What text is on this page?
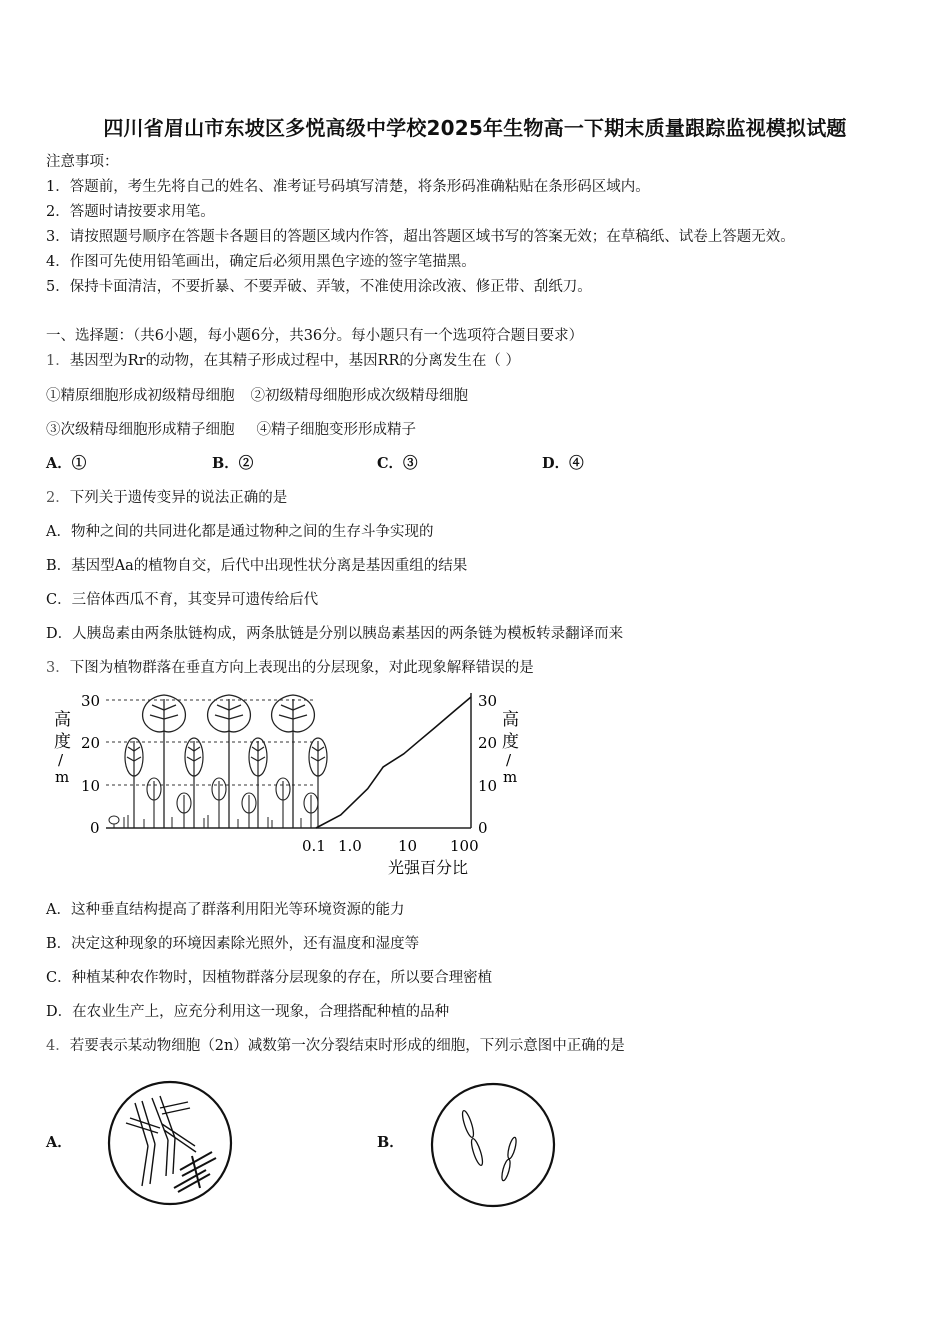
四川省眉山市东坡区多悦高级中学校2025年生物高一下期末质量跟踪监视模拟试题
注意事项：
1．答题前，考生先将自己的姓名、准考证号码填写清楚，将条形码准确粘贴在条形码区域内。
2．答题时请按要求用笔。
3．请按照题号顺序在答题卡各题目的答题区域内作答，超出答题区域书写的答案无效；在草稿纸、试卷上答题无效。
4．作图可先使用铅笔画出，确定后必须用黑色字迹的签字笔描黑。
5．保持卡面清洁，不要折暴、不要弄破、弄皱，不准使用涂改液、修正带、刮纸刀。
一、选择题：（共6小题，每小题6分，共36分。每小题只有一个选项符合题目要求）
1．基因型为Rr的动物，在其精子形成过程中，基因RR的分离发生在（ ）
①精原细胞形成初级精母细胞 ②初级精母细胞形成次级精母细胞
③次级精母细胞形成精子细胞 ④精子细胞变形形成精子
A．①	B．②	C．③	D．④
2．下列关于遗传变异的说法正确的是
A．物种之间的共同进化都是通过物种之间的生存斗争实现的
B．基因型Aa的植物自交，后代中出现性状分离是基因重组的结果
C．三倍体西瓜不育，其变异可遗传给后代
D．人胰岛素由两条肽链构成，两条肽链是分别以胰岛素基因的两条链为模板转录翻译而来
3．下图为植物群落在垂直方向上表现出的分层现象，对此现象解释错误的是
高
度
/
m
30
20
10
0
30
20
10
0
高
度
/
m
0.1 1.0 10 100
光强百分比
A．这种垂直结构提高了群落利用阳光等环境资源的能力
B．决定这种现象的环境因素除光照外，还有温度和湿度等
C．种植某种农作物时，因植物群落分层现象的存在，所以要合理密植
D．在农业生产上，应充分利用这一现象，合理搭配种植的品种
4．若要表示某动物细胞（2n）减数第一次分裂结束时形成的细胞，下列示意图中正确的是
A．	B．
